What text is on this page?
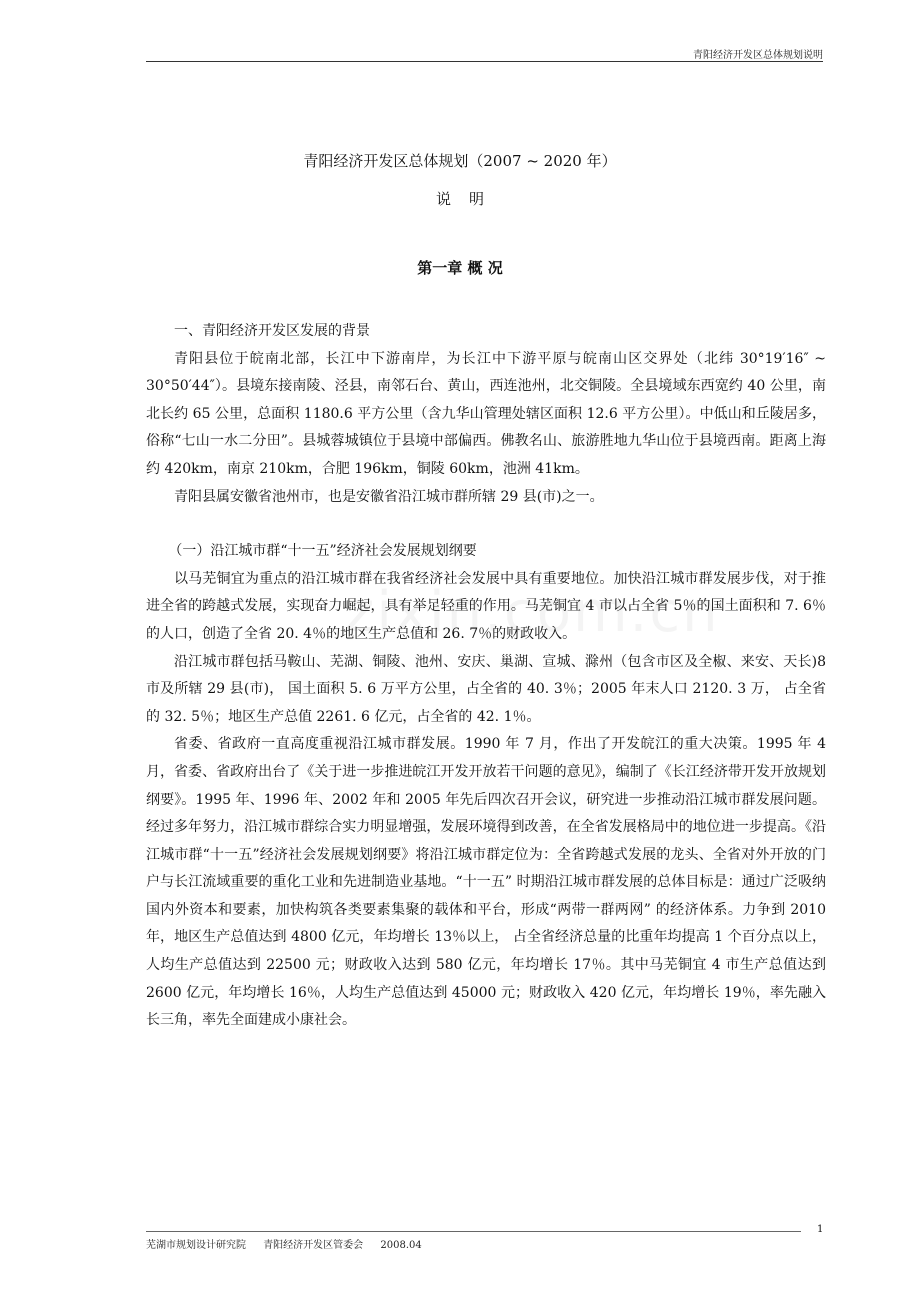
青阳经济开发区总体规划说明
青阳经济开发区总体规划（2007 ~ 2020 年）
说明
第一章 概 况

一、青阳经济开发区发展的背景

青阳县位于皖南北部，长江中下游南岸，为长江中下游平原与皖南山区交界处（北纬 30°19′16″ ~ 30°50′44″）。县境东接南陵、泾县，南邻石台、黄山，西连池州，北交铜陵。全县境域东西宽约 40 公里，南北长约 65 公里，总面积 1180.6 平方公里（含九华山管理处辖区面积 12.6 平方公里）。中低山和丘陵居多，俗称“七山一水二分田”。县城蓉城镇位于县境中部偏西。佛教名山、旅游胜地九华山位于县境西南。距离上海约 420km，南京 210km，合肥 196km，铜陵 60km，池洲 41km。

青阳县属安徽省池州市，也是安徽省沿江城市群所辖 29 县(市)之一。

（一）沿江城市群“十一五”经济社会发展规划纲要

以马芜铜宜为重点的沿江城市群在我省经济社会发展中具有重要地位。加快沿江城市群发展步伐，对于推进全省的跨越式发展，实现奋力崛起，具有举足轻重的作用。马芜铜宜 4 市以占全省 5％的国土面积和 7. 6％的人口，创造了全省 20. 4％的地区生产总值和 26. 7％的财政收入。

沿江城市群包括马鞍山、芜湖、铜陵、池州、安庆、巢湖、宣城、滁州（包含市区及全椒、来安、天长)8 市及所辖 29 县(市)， 国土面积 5. 6 万平方公里，占全省的 40. 3％；2005 年末人口 2120. 3 万， 占全省的 32. 5％；地区生产总值 2261. 6 亿元，占全省的 42. 1％。

省委、省政府一直高度重视沿江城市群发展。1990 年 7 月，作出了开发皖江的重大决策。1995 年 4 月，省委、省政府出台了《关于进一步推进皖江开发开放若干问题的意见》，编制了《长江经济带开发开放规划纲要》。1995 年、1996 年、2002 年和 2005 年先后四次召开会议，研究进一步推动沿江城市群发展问题。经过多年努力，沿江城市群综合实力明显增强，发展环境得到改善，在全省发展格局中的地位进一步提高。《沿江城市群“十一五”经济社会发展规划纲要》将沿江城市群定位为：全省跨越式发展的龙头、全省对外开放的门户与长江流域重要的重化工业和先进制造业基地。“十一五” 时期沿江城市群发展的总体目标是：通过广泛吸纳国内外资本和要素，加快构筑各类要素集聚的载体和平台，形成“两带一群两网” 的经济体系。力争到 2010 年，地区生产总值达到 4800 亿元，年均增长 13％以上， 占全省经济总量的比重年均提高 1 个百分点以上，人均生产总值达到 22500 元；财政收入达到 580 亿元，年均增长 17％。其中马芜铜宜 4 市生产总值达到 2600 亿元，年均增长 16％，人均生产总值达到 45000 元；财政收入 420 亿元，年均增长 19％，率先融入长三角，率先全面建成小康社会。

1
芜湖市规划设计研究院 青阳经济开发区管委会 2008.04
